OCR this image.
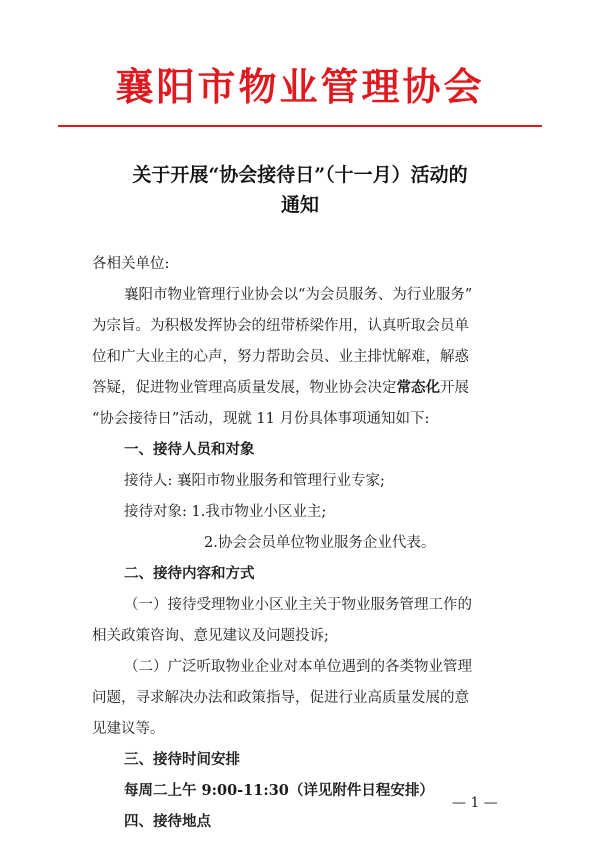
襄阳市物业管理协会
关于开展“协会接待日”（十一月）活动的
通知
各相关单位:
襄阳市物业管理行业协会以“为会员服务、为行业服务”
为宗旨。为积极发挥协会的纽带桥梁作用，认真听取会员单
位和广大业主的心声，努力帮助会员、业主排忧解难，解惑
答疑，促进物业管理高质量发展，物业协会决定常态化开展
“协会接待日”活动，现就 11 月份具体事项通知如下:
一、接待人员和对象
接待人: 襄阳市物业服务和管理行业专家;
接待对象: 1.我市物业小区业主;
2.协会会员单位物业服务企业代表。
二、接待内容和方式
（一）接待受理物业小区业主关于物业服务管理工作的
相关政策咨询、意见建议及问题投诉;
（二）广泛听取物业企业对本单位遇到的各类物业管理
问题，寻求解决办法和政策指导，促进行业高质量发展的意
见建议等。
三、接待时间安排
每周二上午 9:00-11:30（详见附件日程安排）
四、接待地点
— 1 —
